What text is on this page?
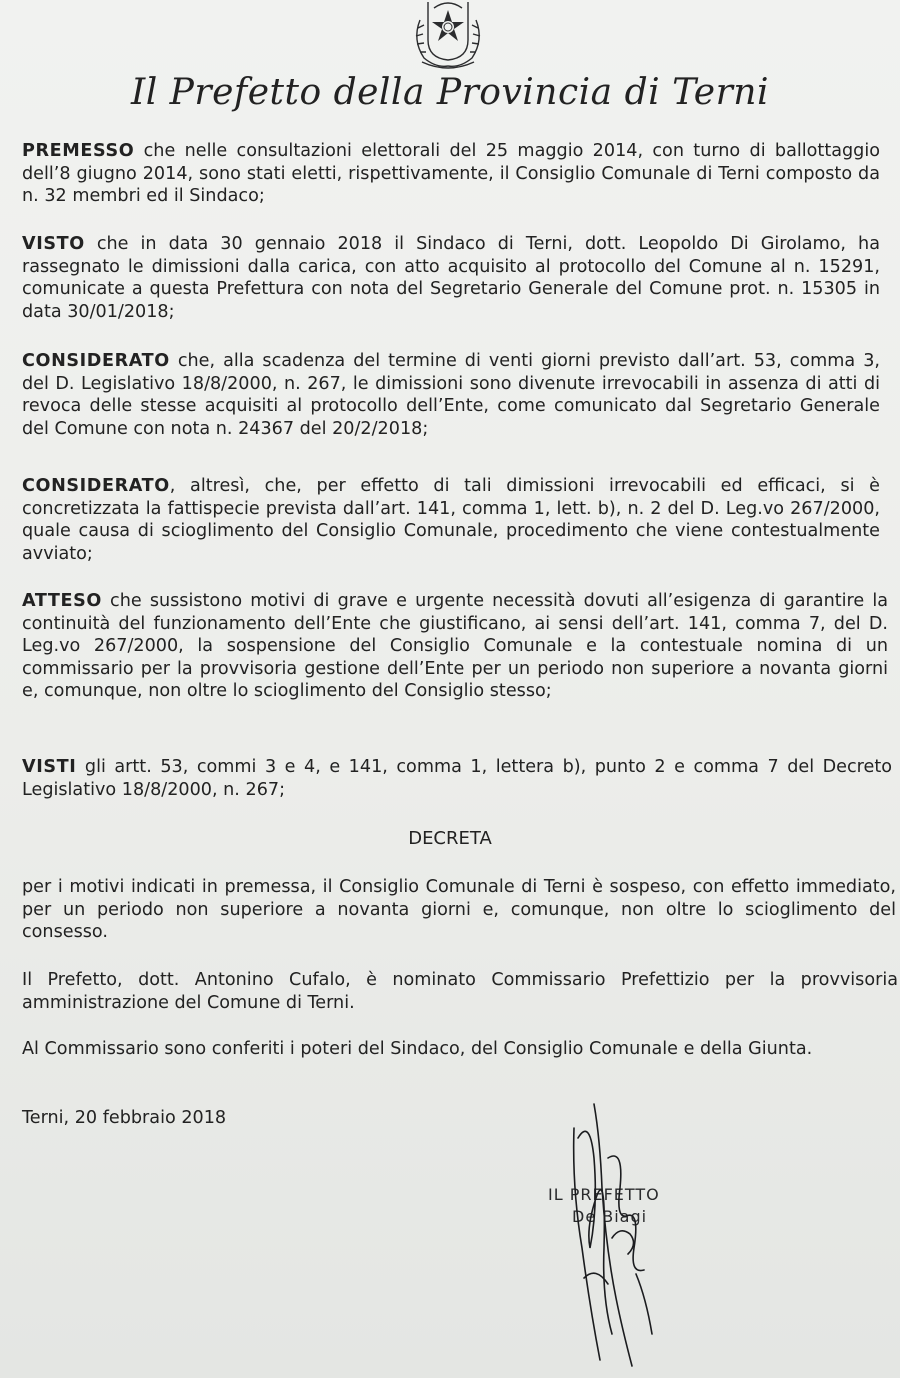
Il Prefetto della Provincia di Terni
PREMESSO che nelle consultazioni elettorali del 25 maggio 2014, con turno di ballottaggio dell’8 giugno 2014, sono stati eletti, rispettivamente, il Consiglio Comunale di Terni composto da n. 32 membri ed il Sindaco;
VISTO che in data 30 gennaio 2018 il Sindaco di Terni, dott. Leopoldo Di Girolamo, ha rassegnato le dimissioni dalla carica, con atto acquisito al protocollo del Comune al n. 15291, comunicate a questa Prefettura con nota del Segretario Generale del Comune prot. n. 15305 in data 30/01/2018;
CONSIDERATO che, alla scadenza del termine di venti giorni previsto dall’art. 53, comma 3, del D. Legislativo 18/8/2000, n. 267, le dimissioni sono divenute irrevocabili in assenza di atti di revoca delle stesse acquisiti al protocollo dell’Ente, come comunicato dal Segretario Generale del Comune con nota n. 24367 del 20/2/2018;
CONSIDERATO, altresì, che, per effetto di tali dimissioni irrevocabili ed efficaci, si è concretizzata la fattispecie prevista dall’art. 141, comma 1, lett. b), n. 2 del D. Leg.vo 267/2000, quale causa di scioglimento del Consiglio Comunale, procedimento che viene contestualmente avviato;
ATTESO che sussistono motivi di grave e urgente necessità dovuti all’esigenza di garantire la continuità del funzionamento dell’Ente che giustificano, ai sensi dell’art. 141, comma 7, del D. Leg.vo 267/2000, la sospensione del Consiglio Comunale e la contestuale nomina di un commissario per la provvisoria gestione dell’Ente per un periodo non superiore a novanta giorni e, comunque, non oltre lo scioglimento del Consiglio stesso;
VISTI gli artt. 53, commi 3 e 4, e 141, comma 1, lettera b), punto 2 e comma 7 del Decreto Legislativo 18/8/2000, n. 267;
DECRETA
per i motivi indicati in premessa, il Consiglio Comunale di Terni è sospeso, con effetto immediato, per un periodo non superiore a novanta giorni e, comunque, non oltre lo scioglimento del consesso.
Il Prefetto, dott. Antonino Cufalo, è nominato Commissario Prefettizio per la provvisoria amministrazione del Comune di Terni.
Al Commissario sono conferiti i poteri del Sindaco, del Consiglio Comunale e della Giunta.
Terni, 20 febbraio 2018
IL PREFETTO
De Biagi
